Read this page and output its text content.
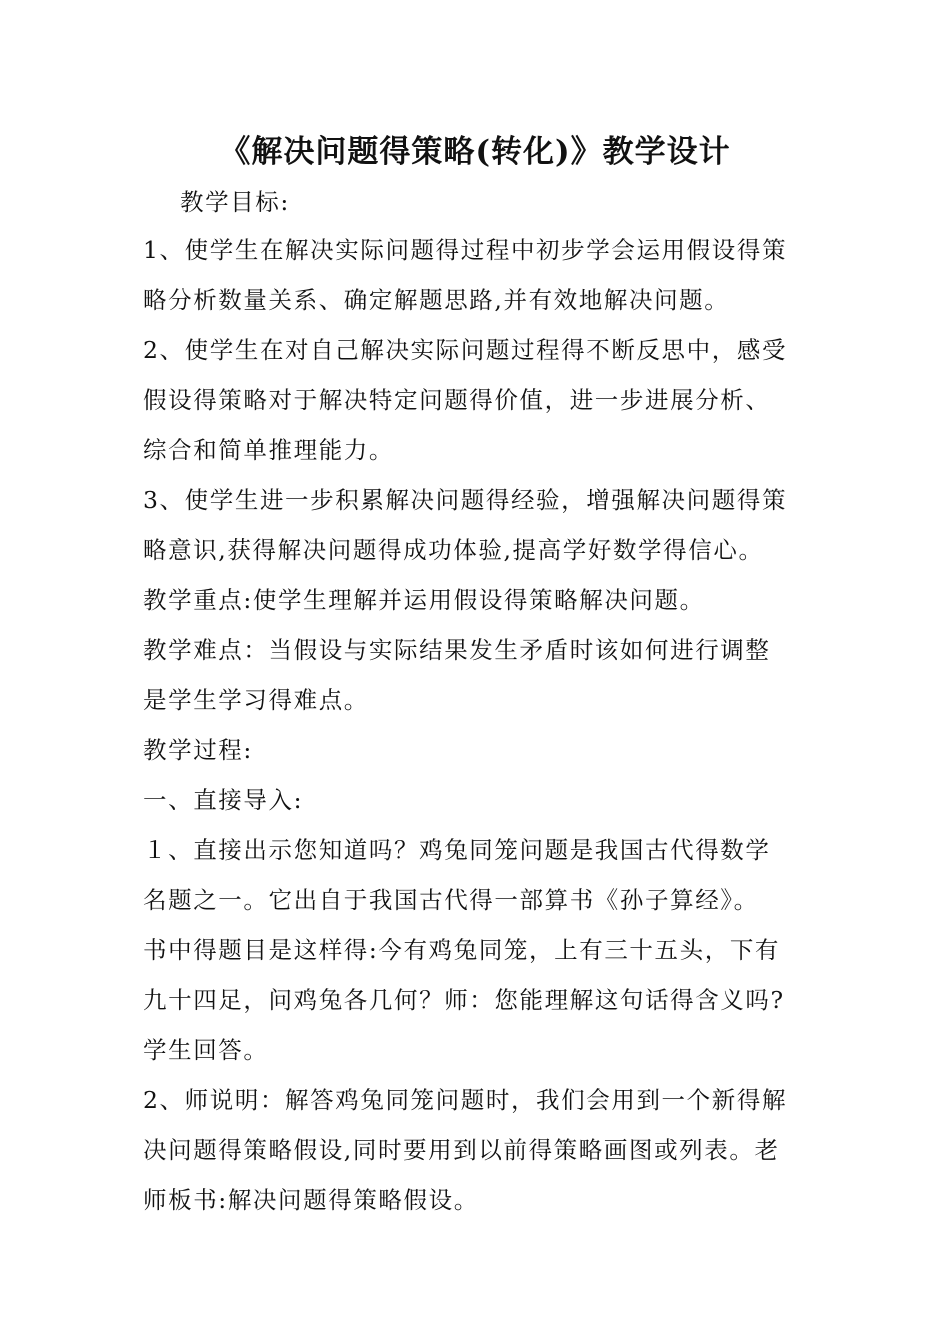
《解决问题得策略(转化)》教学设计
教学目标:
1、使学生在解决实际问题得过程中初步学会运用假设得策
略分析数量关系、确定解题思路,并有效地解决问题。
2、使学生在对自己解决实际问题过程得不断反思中，感受
假设得策略对于解决特定问题得价值，进一步进展分析、
综合和简单推理能力。
3、使学生进一步积累解决问题得经验，增强解决问题得策
略意识,获得解决问题得成功体验,提高学好数学得信心。
教学重点:使学生理解并运用假设得策略解决问题。
教学难点：当假设与实际结果发生矛盾时该如何进行调整
是学生学习得难点。
教学过程:
一、直接导入:
１、直接出示您知道吗？鸡兔同笼问题是我国古代得数学
名题之一。它出自于我国古代得一部算书《孙子算经》。
书中得题目是这样得:今有鸡兔同笼，上有三十五头，下有
九十四足，问鸡兔各几何？师：您能理解这句话得含义吗?
学生回答。
2、师说明：解答鸡兔同笼问题时，我们会用到一个新得解
决问题得策略假设,同时要用到以前得策略画图或列表。老
师板书:解决问题得策略假设。
